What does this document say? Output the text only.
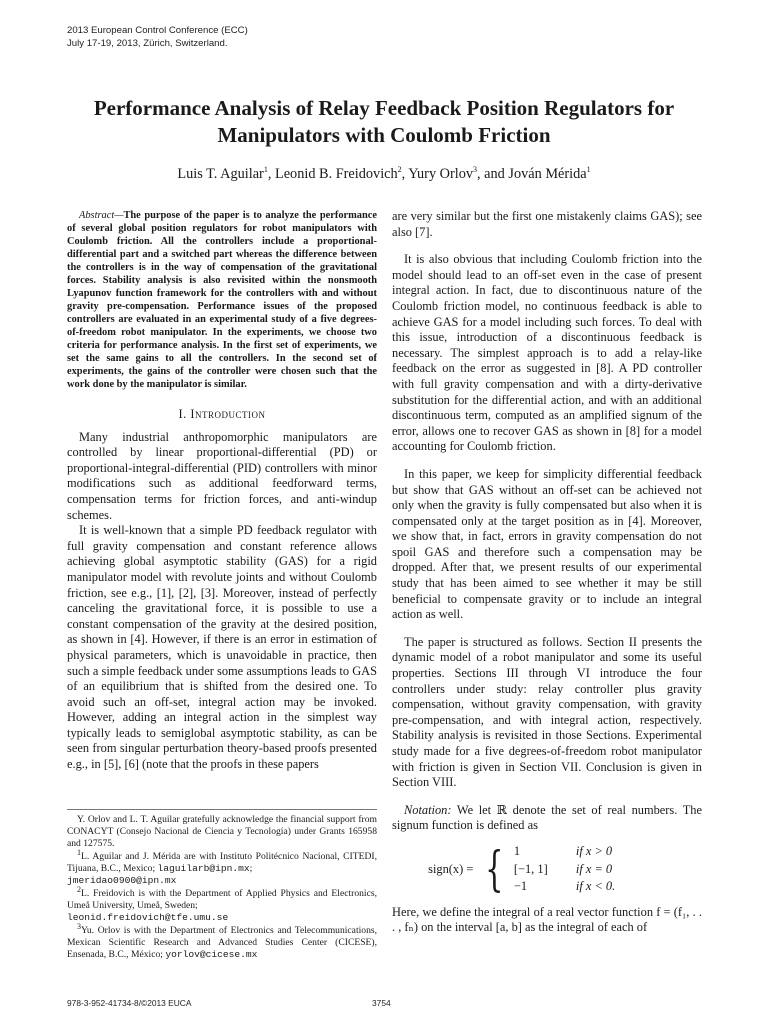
2013 European Control Conference (ECC)
July 17-19, 2013, Zürich, Switzerland.
Performance Analysis of Relay Feedback Position Regulators for Manipulators with Coulomb Friction
Luis T. Aguilar$^1$, Leonid B. Freidovich$^2$, Yury Orlov$^3$, and Jován Mérida$^1$
Abstract—The purpose of the paper is to analyze the performance of several global position regulators for robot manipulators with Coulomb friction. All the controllers include a proportional-differential part and a switched part whereas the difference between the controllers is in the way of compensation of the gravitational forces. Stability analysis is also revisited within the nonsmooth Lyapunov function framework for the controllers with and without gravity pre-compensation. Performance issues of the proposed controllers are evaluated in an experimental study of a five degrees-of-freedom robot manipulator. In the experiments, we choose two criteria for performance analysis. In the first set of experiments, we set the same gains to all the controllers. In the second set of experiments, the gains of the controller were chosen such that the work done by the manipulator is similar.
I. Introduction

Many industrial anthropomorphic manipulators are controlled by linear proportional-differential (PD) or proportional-integral-differential (PID) controllers with minor modifications such as additional feedforward terms, compensation terms for friction forces, and anti-windup schemes.

It is well-known that a simple PD feedback regulator with full gravity compensation and constant reference allows achieving global asymptotic stability (GAS) for a rigid manipulator model with revolute joints and without Coulomb friction, see e.g., [1], [2], [3]. Moreover, instead of perfectly canceling the gravitational force, it is possible to use a constant compensation of the gravity at the desired position, as shown in [4]. However, if there is an error in estimation of physical parameters, which is unavoidable in practice, then such a simple feedback under some assumptions leads to GAS of an equilibrium that is shifted from the desired one. To avoid such an off-set, integral action may be invoked. However, adding an integral action in the simplest way typically leads to semiglobal asymptotic stability, as can be seen from singular perturbation theory-based proofs presented e.g., in [5], [6] (note that the proofs in these papers

Y. Orlov and L. T. Aguilar gratefully acknowledge the financial support from CONACYT (Consejo Nacional de Ciencia y Tecnología) under Grants 165958 and 127575.

$^1$L. Aguilar and J. Mérida are with Instituto Politécnico Nacional, CITEDI, Tijuana, B.C., Mexico; laguilarb@ipn.mx;
jmeridao0900@ipn.mx

$^2$L. Freidovich is with the Department of Applied Physics and Electronics, Umeå University, Umeå, Sweden;
leonid.freidovich@tfe.umu.se

$^3$Yu. Orlov is with the Department of Electronics and Telecommunications, Mexican Scientific Research and Advanced Studies Center (CICESE), Ensenada, B.C., México; yorlov@cicese.mx

are very similar but the first one mistakenly claims GAS); see also [7].

It is also obvious that including Coulomb friction into the model should lead to an off-set even in the case of present integral action. In fact, due to discontinuous nature of the Coulomb friction model, no continuous feedback is able to achieve GAS for a model including such forces. To deal with this issue, introduction of a discontinuous feedback is necessary. The simplest approach is to add a relay-like feedback on the error as suggested in [8]. A PD controller with full gravity compensation and with a dirty-derivative substitution for the differential action, and with an additional discontinuous term, computed as an amplified signum of the error, allows one to recover GAS as shown in [8] for a model accounting for Coulomb friction.

In this paper, we keep for simplicity differential feedback but show that GAS without an off-set can be achieved not only when the gravity is fully compensated but also when it is compensated only at the target position as in [4]. Moreover, we show that, in fact, errors in gravity compensation do not spoil GAS and therefore such a compensation may be dropped. After that, we present results of our experimental study that has been aimed to see whether it may be still beneficial to compensate gravity or to include an integral action as well.

The paper is structured as follows. Section II presents the dynamic model of a robot manipulator and some its useful properties. Sections III through VI introduce the four controllers under study: relay controller plus gravity compensation, without gravity compensation, with gravity pre-compensation, and with integral action, respectively. Stability analysis is revisited in those Sections. Experimental study made for a five degrees-of-freedom robot manipulator with friction is given in Section VII. Conclusion is given in Section VIII.

Notation: We let ℝ denote the set of real numbers. The signum function is defined as

sign(x) = { 1	if x > 0
[−1, 1]	if x = 0
−1	if x < 0.

Here, we define the integral of a real vector function f = (f₁, . . . , fₙ) on the interval [a, b] as the integral of each of

978-3-952-41734-8/©2013 EUCA	3754
